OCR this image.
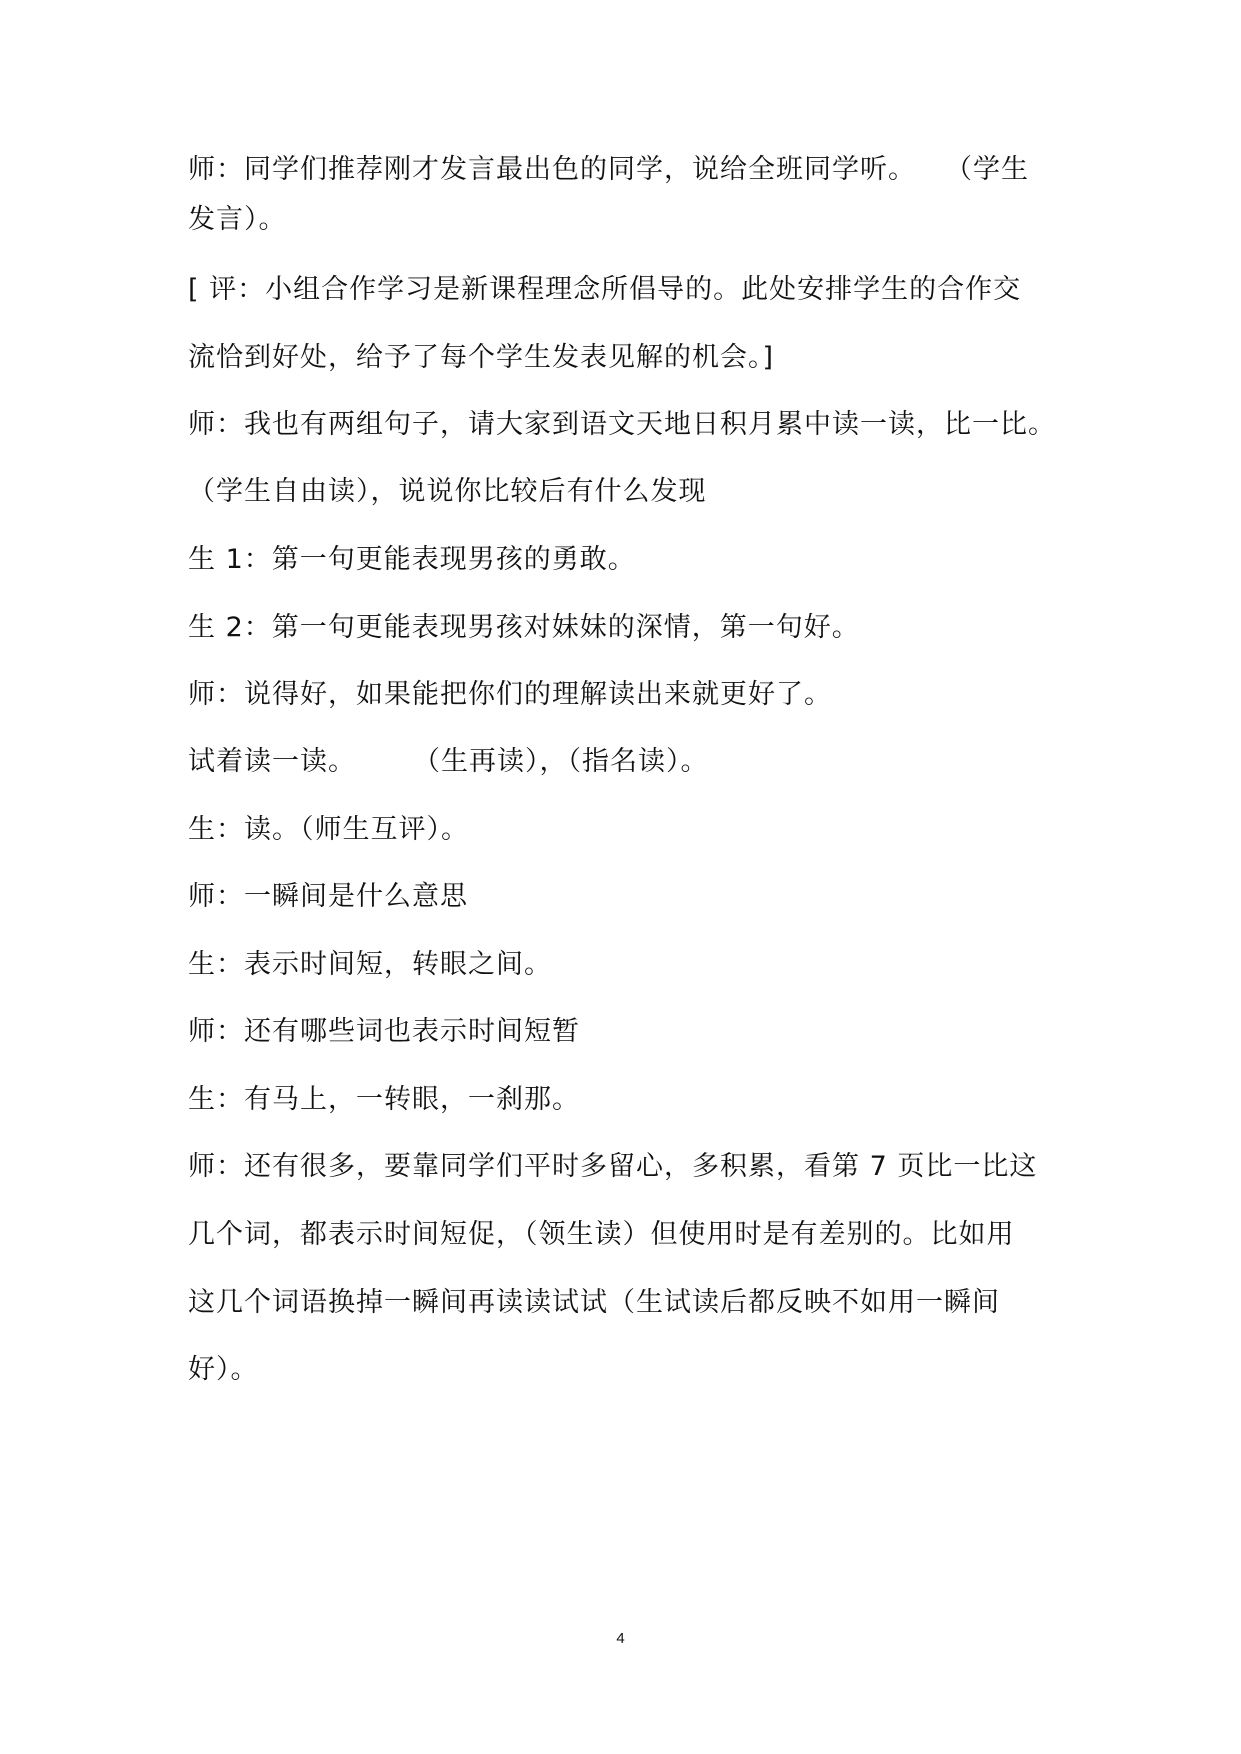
师：同学们推荐刚才发言最出色的同学，说给全班同学听。　　（学生
发言）。
[ 评：小组合作学习是新课程理念所倡导的。此处安排学生的合作交
流恰到好处，给予了每个学生发表见解的机会。]
师：我也有两组句子，请大家到语文天地日积月累中读一读，比一比。
（学生自由读），说说你比较后有什么发现
生 1：第一句更能表现男孩的勇敢。
生 2：第一句更能表现男孩对妹妹的深情，第一句好。
师：说得好，如果能把你们的理解读出来就更好了。
试着读一读。　　　（生再读），（指名读）。
生：读。（师生互评）。
师：一瞬间是什么意思
生：表示时间短，转眼之间。
师：还有哪些词也表示时间短暂
生：有马上，一转眼，一刹那。
师：还有很多，要靠同学们平时多留心，多积累，看第 7 页比一比这
几个词，都表示时间短促，（领生读）但使用时是有差别的。比如用
这几个词语换掉一瞬间再读读试试（生试读后都反映不如用一瞬间
好）。
4
